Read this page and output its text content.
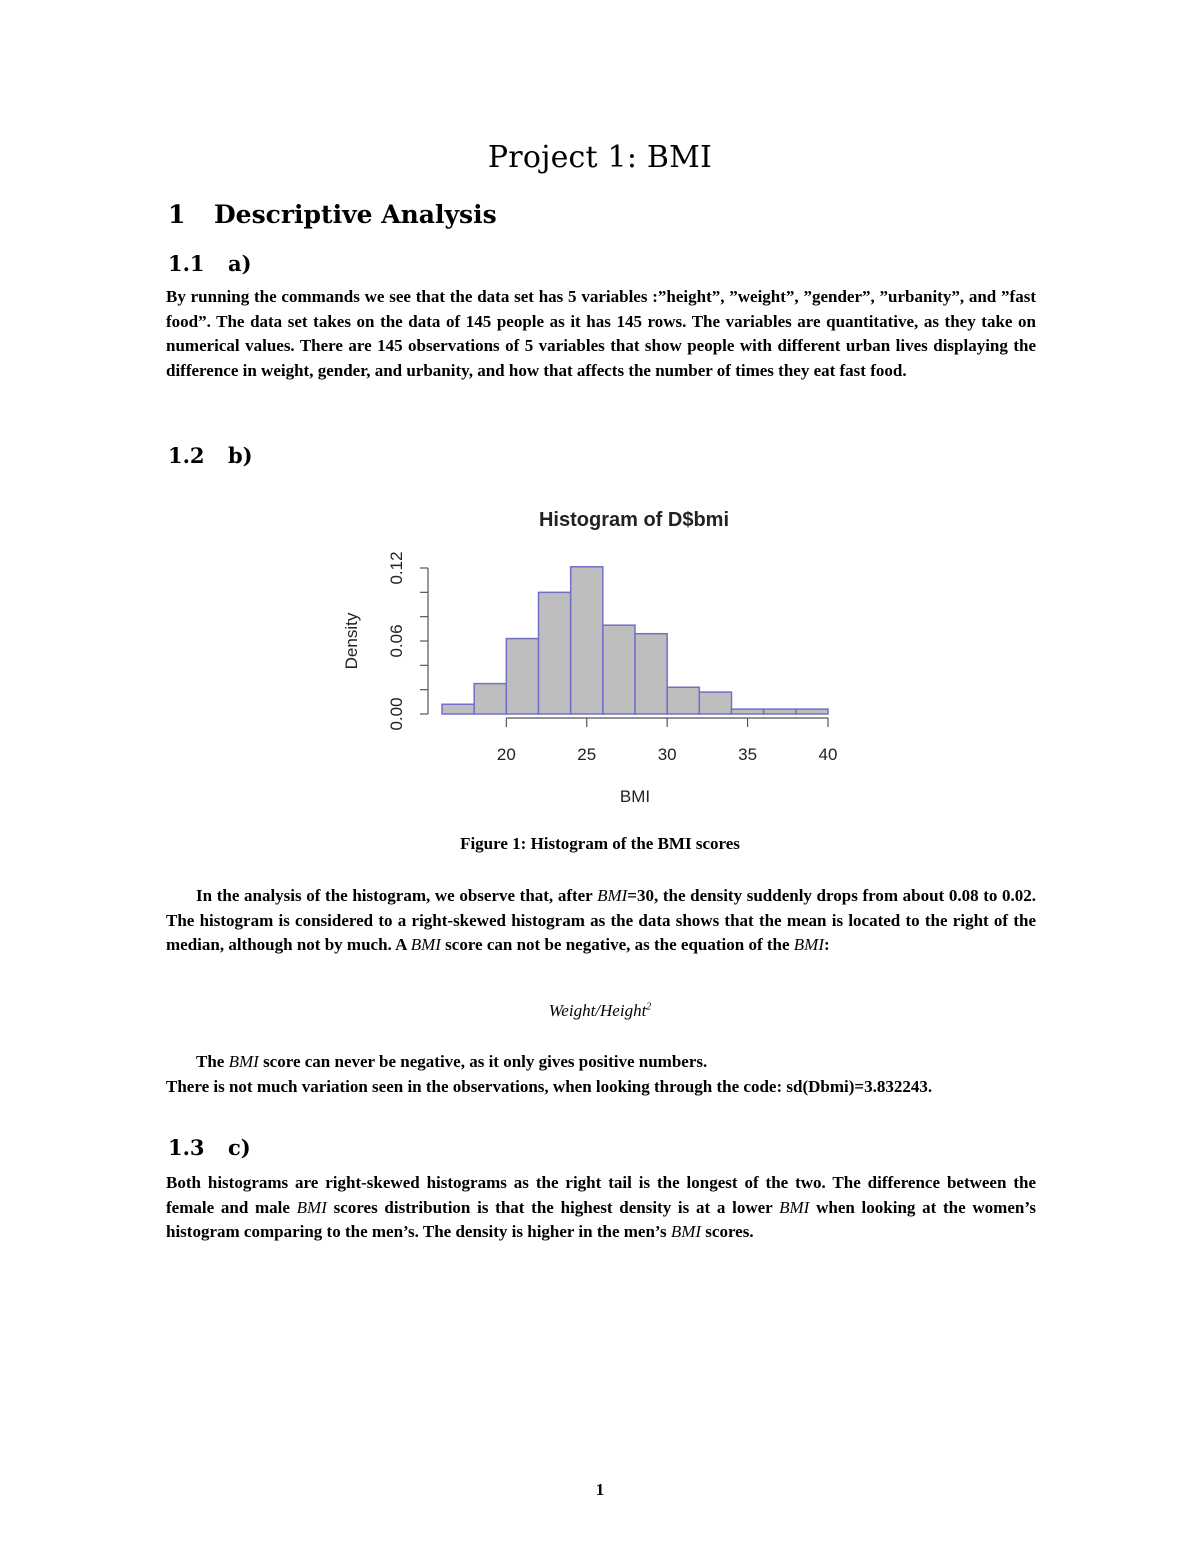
Project 1: BMI
1 Descriptive Analysis
1.1 a)

By running the commands we see that the data set has 5 variables :”height”, ”weight”, ”gender”, ”urbanity”, and ”fast food”. The data set takes on the data of 145 people as it has 145 rows. The variables are quantitative, as they take on numerical values. There are 145 observations of 5 variables that show people with different urban lives displaying the difference in weight, gender, and urbanity, and how that affects the number of times they eat fast food.

1.2 b)
Histogram of D$bmi
20	25	30	35	40
0.00
0.06
0.12
BMI
Density

Figure 1: Histogram of the BMI scores

In the analysis of the histogram, we observe that, after BMI=30, the density suddenly drops from about 0.08 to 0.02. The histogram is considered to a right-skewed histogram as the data shows that the mean is located to the right of the median, although not by much. A BMI score can not be negative, as the equation of the BMI:

Weight/Height$^2$

The BMI score can never be negative, as it only gives positive numbers.
There is not much variation seen in the observations, when looking through the code: sd(Dbmi)=3.832243.

1.3 c)

Both histograms are right-skewed histograms as the right tail is the longest of the two. The difference between the female and male BMI scores distribution is that the highest density is at a lower BMI when looking at the women’s histogram comparing to the men’s. The density is higher in the men’s BMI scores.

1
